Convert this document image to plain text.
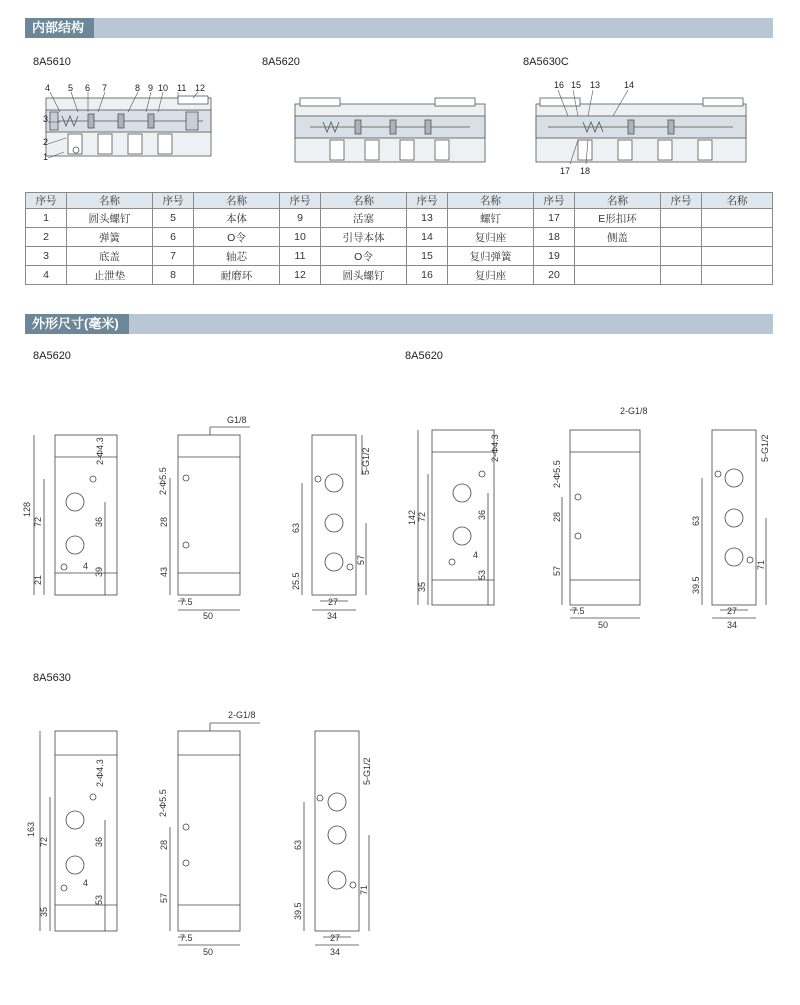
内部结构
8A5610	8A5620	8A5630C
4 5 6 7	8 9 10 11 12
3
2
1
16 15 13	14
17 18
序号	名称	序号	名称	序号	名称	序号	名称	序号	名称	序号	名称
1	圆头螺钉	5	本体	9	活塞	13	螺钉	17	E形扣环		
2	弹簧	6	O令	10	引导本体	14	复归座	18	侧盖		
3	底盖	7	轴芯	11	O令	15	复归弹簧	19			
4	止泄垫	8	耐磨环	12	圆头螺钉	16	复归座	20			
外形尺寸(毫米)
8A5620	8A5620
8A5630
128
72
21
2-Φ4.3
36
39
4
G1/8
2-Φ5.5
28
43
7.5
50
5-G1/2
63
25.5
57
27
34
142 72
35
2-Φ4.3
36
53
4
2-G1/8
2-Φ5.5
28
57
7.5
50
5-G1/2
63
39.5
71
27
34
163
72
35
2-Φ4.3
36
53
4
2-G1/8
2-Φ5.5
28
57
7.5
50
5-G1/2
63
39.5
71
27
34
